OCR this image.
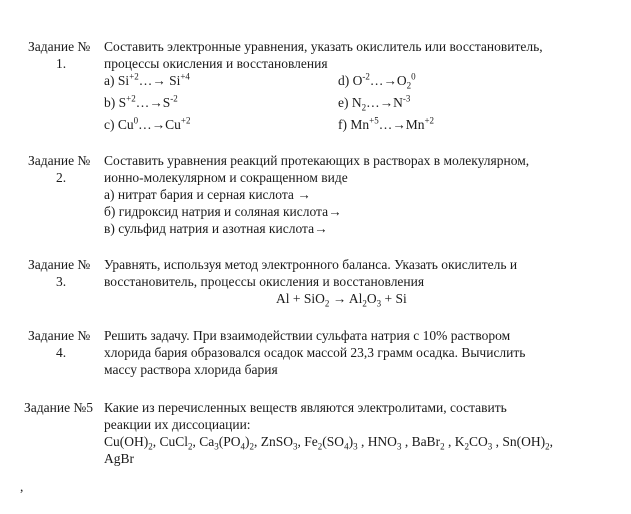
Задание №
1.

Составить электронные уравнения, указать окислитель или восстановитель,

процессы окисления и восстановления

a) $Si^{+2}\dots\to Si^{+4}$	d) $O^{-2}\dots\to O_2^0$
b) $S^{+2}\dots\to S^{-2}$	e) $N_2\dots\to N^{-3}$
c) $Cu^0\dots\to Cu^{+2}$	f) $Mn^{+5}\dots\to Mn^{+2}$
Задание №
2.

Составить уравнения реакций протекающих в растворах в молекулярном,

ионно-молекулярном и сокращенном виде

а) нитрат бария и серная кислота →

б) гидроксид натрия и соляная кислота→

в) сульфид натрия и азотная кислота→

Задание №
3.

Уравнять, используя метод электронного баланса. Указать окислитель и

восстановитель, процессы окисления и восстановления

$Al + SiO_2 \to Al_2O_3 + Si$
Задание №
4.

Решить задачу. При взаимодействии сульфата натрия с 10% раствором

хлорида бария образовался осадок массой 23,3 грамм осадка. Вычислить

массу раствора хлорида бария

Задание №5 Какие из перечисленных веществ являются электролитами, составить

реакции их диссоциации:

$Cu(OH)_2$, CuCl$_2$, $Ca_3(PO_4)_2$, ZnSO$_3$, $Fe_2(SO_4)_3$ , $HNO_3$ , BaBr$_2$ , $K_2CO_3$ , $Sn(OH)_2$,

AgBr

,
